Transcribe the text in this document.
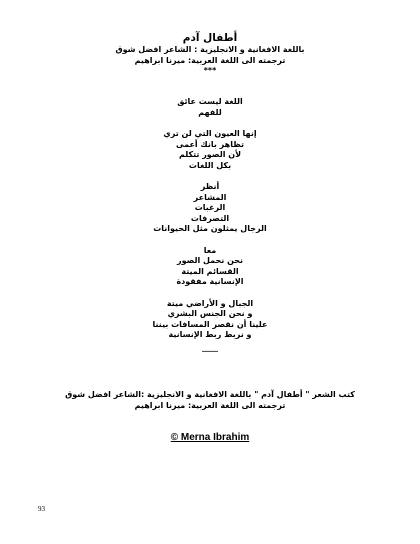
أطفال آدم

باللغة الافغانية و الانجليزية : الشاعر افضل شوق

ترجمته الى اللغة العربية: ميرنا ابراهيم

***

اللغة ليست عائق

للفهم

إنها العيون التي لن تري

تظاهر بانك أعمى

لأن الصور تتكلم

بكل اللغات

أنظر

المشاعر

الرغبات

التصرفات

الرجال يمثلون مثل الحيوانات

معا

نحن نحمل الصور

القسائم الميتة

الإنسانية مفقودة

الجبال و الأراضي ميتة

و نحن الجنس البشري

علينا أن نقصر المسافات بيننا

و نربط ربط الإنسانية

____

كتب الشعر " أطفال آدم " باللغة الافغانية و الانجليزية :الشاعر افضل شوق

ترجمته الى اللغة العربية: ميرنا ابراهيم

© Merna Ibrahim
93
